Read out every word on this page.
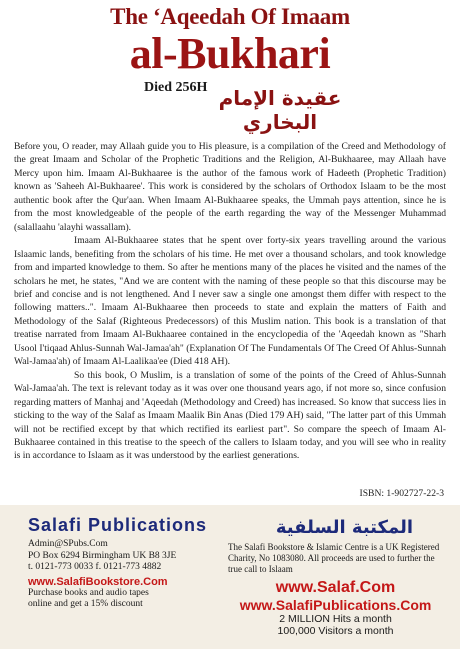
The ‘Aqeedah Of Imaam
al-Bukhari
Died 256H عقيدة الإمام البخاري

Before you, O reader, may Allaah guide you to His pleasure, is a compilation of the Creed and Methodology of the great Imaam and Scholar of the Prophetic Traditions and the Religion, Al-Bukhaaree, may Allaah have Mercy upon him. Imaam Al-Bukhaaree is the author of the famous work of Hadeeth (Prophetic Tradition) known as 'Saheeh Al-Bukhaaree'. This work is considered by the scholars of Orthodox Islaam to be the most authentic book after the Qur'aan. When Imaam Al-Bukhaaree speaks, the Ummah pays attention, since he is from the most knowledgeable of the people of the earth regarding the way of the Messenger Muhammad (salallaahu 'alayhi wassallam).

Imaam Al-Bukhaaree states that he spent over forty-six years travelling around the various Islaamic lands, benefiting from the scholars of his time. He met over a thousand scholars, and took knowledge from and imparted knowledge to them. So after he mentions many of the places he visited and the names of the scholars he met, he states, "And we are content with the naming of these people so that this discourse may be brief and concise and is not lengthened. And I never saw a single one amongst them differ with respect to the following matters..". Imaam Al-Bukhaaree then proceeds to state and explain the matters of Faith and Methodology of the Salaf (Righteous Predecessors) of this Muslim nation. This book is a translation of that treatise narrated from Imaam Al-Bukhaaree contained in the encyclopedia of the 'Aqeedah known as "Sharh Usool I'tiqaad Ahlus-Sunnah Wal-Jamaa'ah" (Explanation Of The Fundamentals Of The Creed Of Ahlus-Sunnah Wal-Jamaa'ah) of Imaam Al-Laalikaa'ee (Died 418 AH).

So this book, O Muslim, is a translation of some of the points of the Creed of Ahlus-Sunnah Wal-Jamaa'ah. The text is relevant today as it was over one thousand years ago, if not more so, since confusion regarding matters of Manhaj and 'Aqeedah (Methodology and Creed) has increased. So know that success lies in sticking to the way of the Salaf as Imaam Maalik Bin Anas (Died 179 AH) said, "The latter part of this Ummah will not be rectified except by that which rectified its earliest part". So compare the speech of Imaam Al-Bukhaaree contained in this treatise to the speech of the callers to Islaam today, and you will see who in reality is in accordance to Islaam as it was understood by the earliest generations.

ISBN: 1-902727-22-3
Salafi Publications
Admin@SPubs.Com
PO Box 6294 Birmingham UK B8 3JE
t. 0121-773 0033 f. 0121-773 4882
www.SalafiBookstore.Com
Purchase books and audio tapes
online and get a 15% discount
المكتبة السلفية
The Salafi Bookstore & Islamic Centre is a UK Registered Charity, No 1083080. All proceeds are used to further the true call to Islaam
www.Salaf.Com
www.SalafiPublications.Com
2 MILLION Hits a month
100,000 Visitors a month
